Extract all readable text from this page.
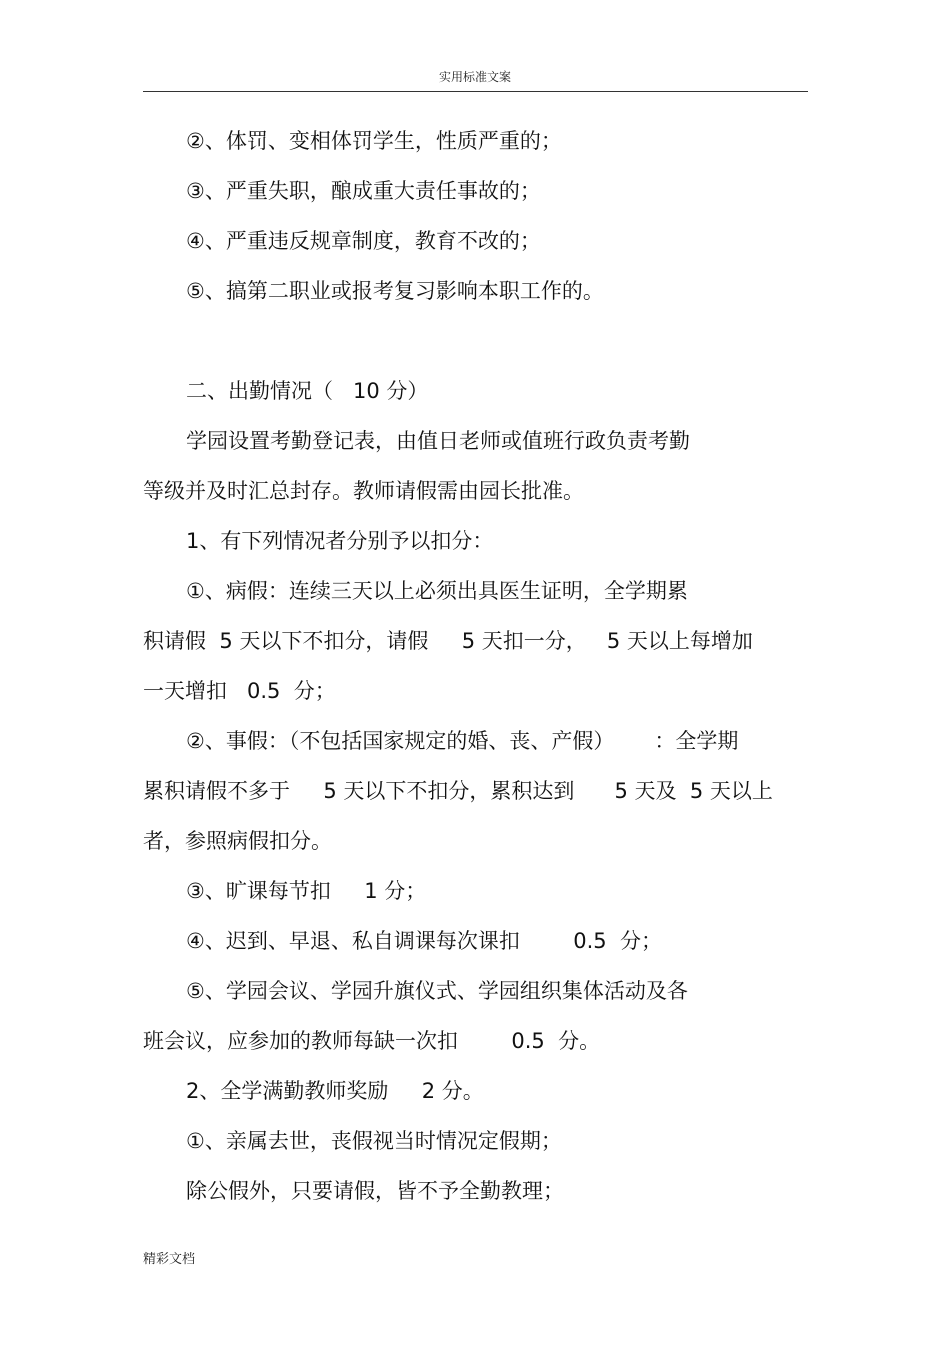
实用标准文案
②、体罚、变相体罚学生，性质严重的；
③、严重失职，酿成重大责任事故的；
④、严重违反规章制度，教育不改的；
⑤、搞第二职业或报考复习影响本职工作的。
二、出勤情况（   10 分）
学园设置考勤登记表，由值日老师或值班行政负责考勤
等级并及时汇总封存。教师请假需由园长批准。
1、有下列情况者分别予以扣分：
①、病假：连续三天以上必须出具医生证明，全学期累
积请假  5 天以下不扣分，请假     5 天扣一分，   5 天以上每增加
一天增扣   0.5  分；
②、事假：（不包括国家规定的婚、丧、产假）      ：全学期
累积请假不多于     5 天以下不扣分，累积达到      5 天及  5 天以上
者，参照病假扣分。
③、旷课每节扣     1 分；
④、迟到、早退、私自调课每次课扣        0.5  分；
⑤、学园会议、学园升旗仪式、学园组织集体活动及各
班会议，应参加的教师每缺一次扣        0.5  分。
2、全学满勤教师奖励     2 分。
①、亲属去世，丧假视当时情况定假期；
除公假外，只要请假，皆不予全勤教理；
精彩文档
